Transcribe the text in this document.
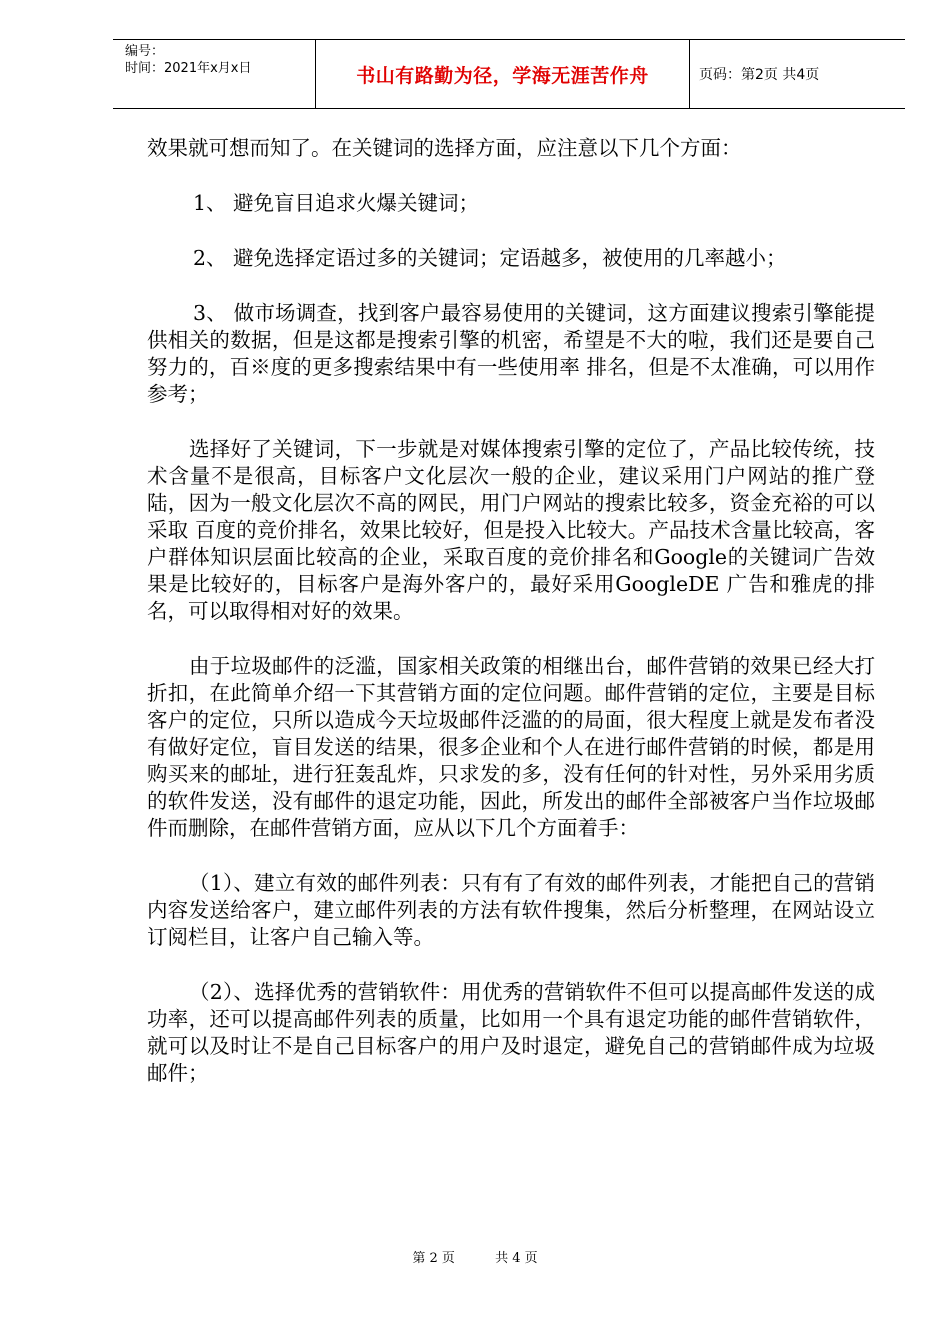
编号：
时间：2021年x月x日	书山有路勤为径，学海无涯苦作舟	页码：第2页 共4页

效果就可想而知了。在关键词的选择方面，应注意以下几个方面：

1、 避免盲目追求火爆关键词；

2、 避免选择定语过多的关键词；定语越多，被使用的几率越小；

3、 做市场调查，找到客户最容易使用的关键词，这方面建议搜索引擎能提供相关的数据，但是这都是搜索引擎的机密，希望是不大的啦，我们还是要自己努力的，百※度的更多搜索结果中有一些使用率 排名，但是不太准确，可以用作参考；

选择好了关键词，下一步就是对媒体搜索引擎的定位了，产品比较传统，技术含量不是很高，目标客户文化层次一般的企业，建议采用门户网站的推广登陆，因为一般文化层次不高的网民，用门户网站的搜索比较多，资金充裕的可以采取 百度的竞价排名，效果比较好，但是投入比较大。产品技术含量比较高，客户群体知识层面比较高的企业，采取百度的竞价排名和Google的关键词广告效果是比较好的，目标客户是海外客户的，最好采用GoogleDE 广告和雅虎的排名，可以取得相对好的效果。

由于垃圾邮件的泛滥，国家相关政策的相继出台，邮件营销的效果已经大打折扣，在此简单介绍一下其营销方面的定位问题。邮件营销的定位，主要是目标客户的定位，只所以造成今天垃圾邮件泛滥的的局面，很大程度上就是发布者没有做好定位，盲目发送的结果，很多企业和个人在进行邮件营销的时候，都是用购买来的邮址，进行狂轰乱炸，只求发的多，没有任何的针对性，另外采用劣质的软件发送，没有邮件的退定功能，因此，所发出的邮件全部被客户当作垃圾邮件而删除，在邮件营销方面，应从以下几个方面着手：

（1）、建立有效的邮件列表：只有有了有效的邮件列表，才能把自己的营销内容发送给客户，建立邮件列表的方法有软件搜集，然后分析整理，在网站设立订阅栏目，让客户自己输入等。

（2）、选择优秀的营销软件：用优秀的营销软件不但可以提高邮件发送的成功率，还可以提高邮件列表的质量，比如用一个具有退定功能的邮件营销软件，就可以及时让不是自己目标客户的用户及时退定，避免自己的营销邮件成为垃圾邮件；

第 2 页	共 4 页
